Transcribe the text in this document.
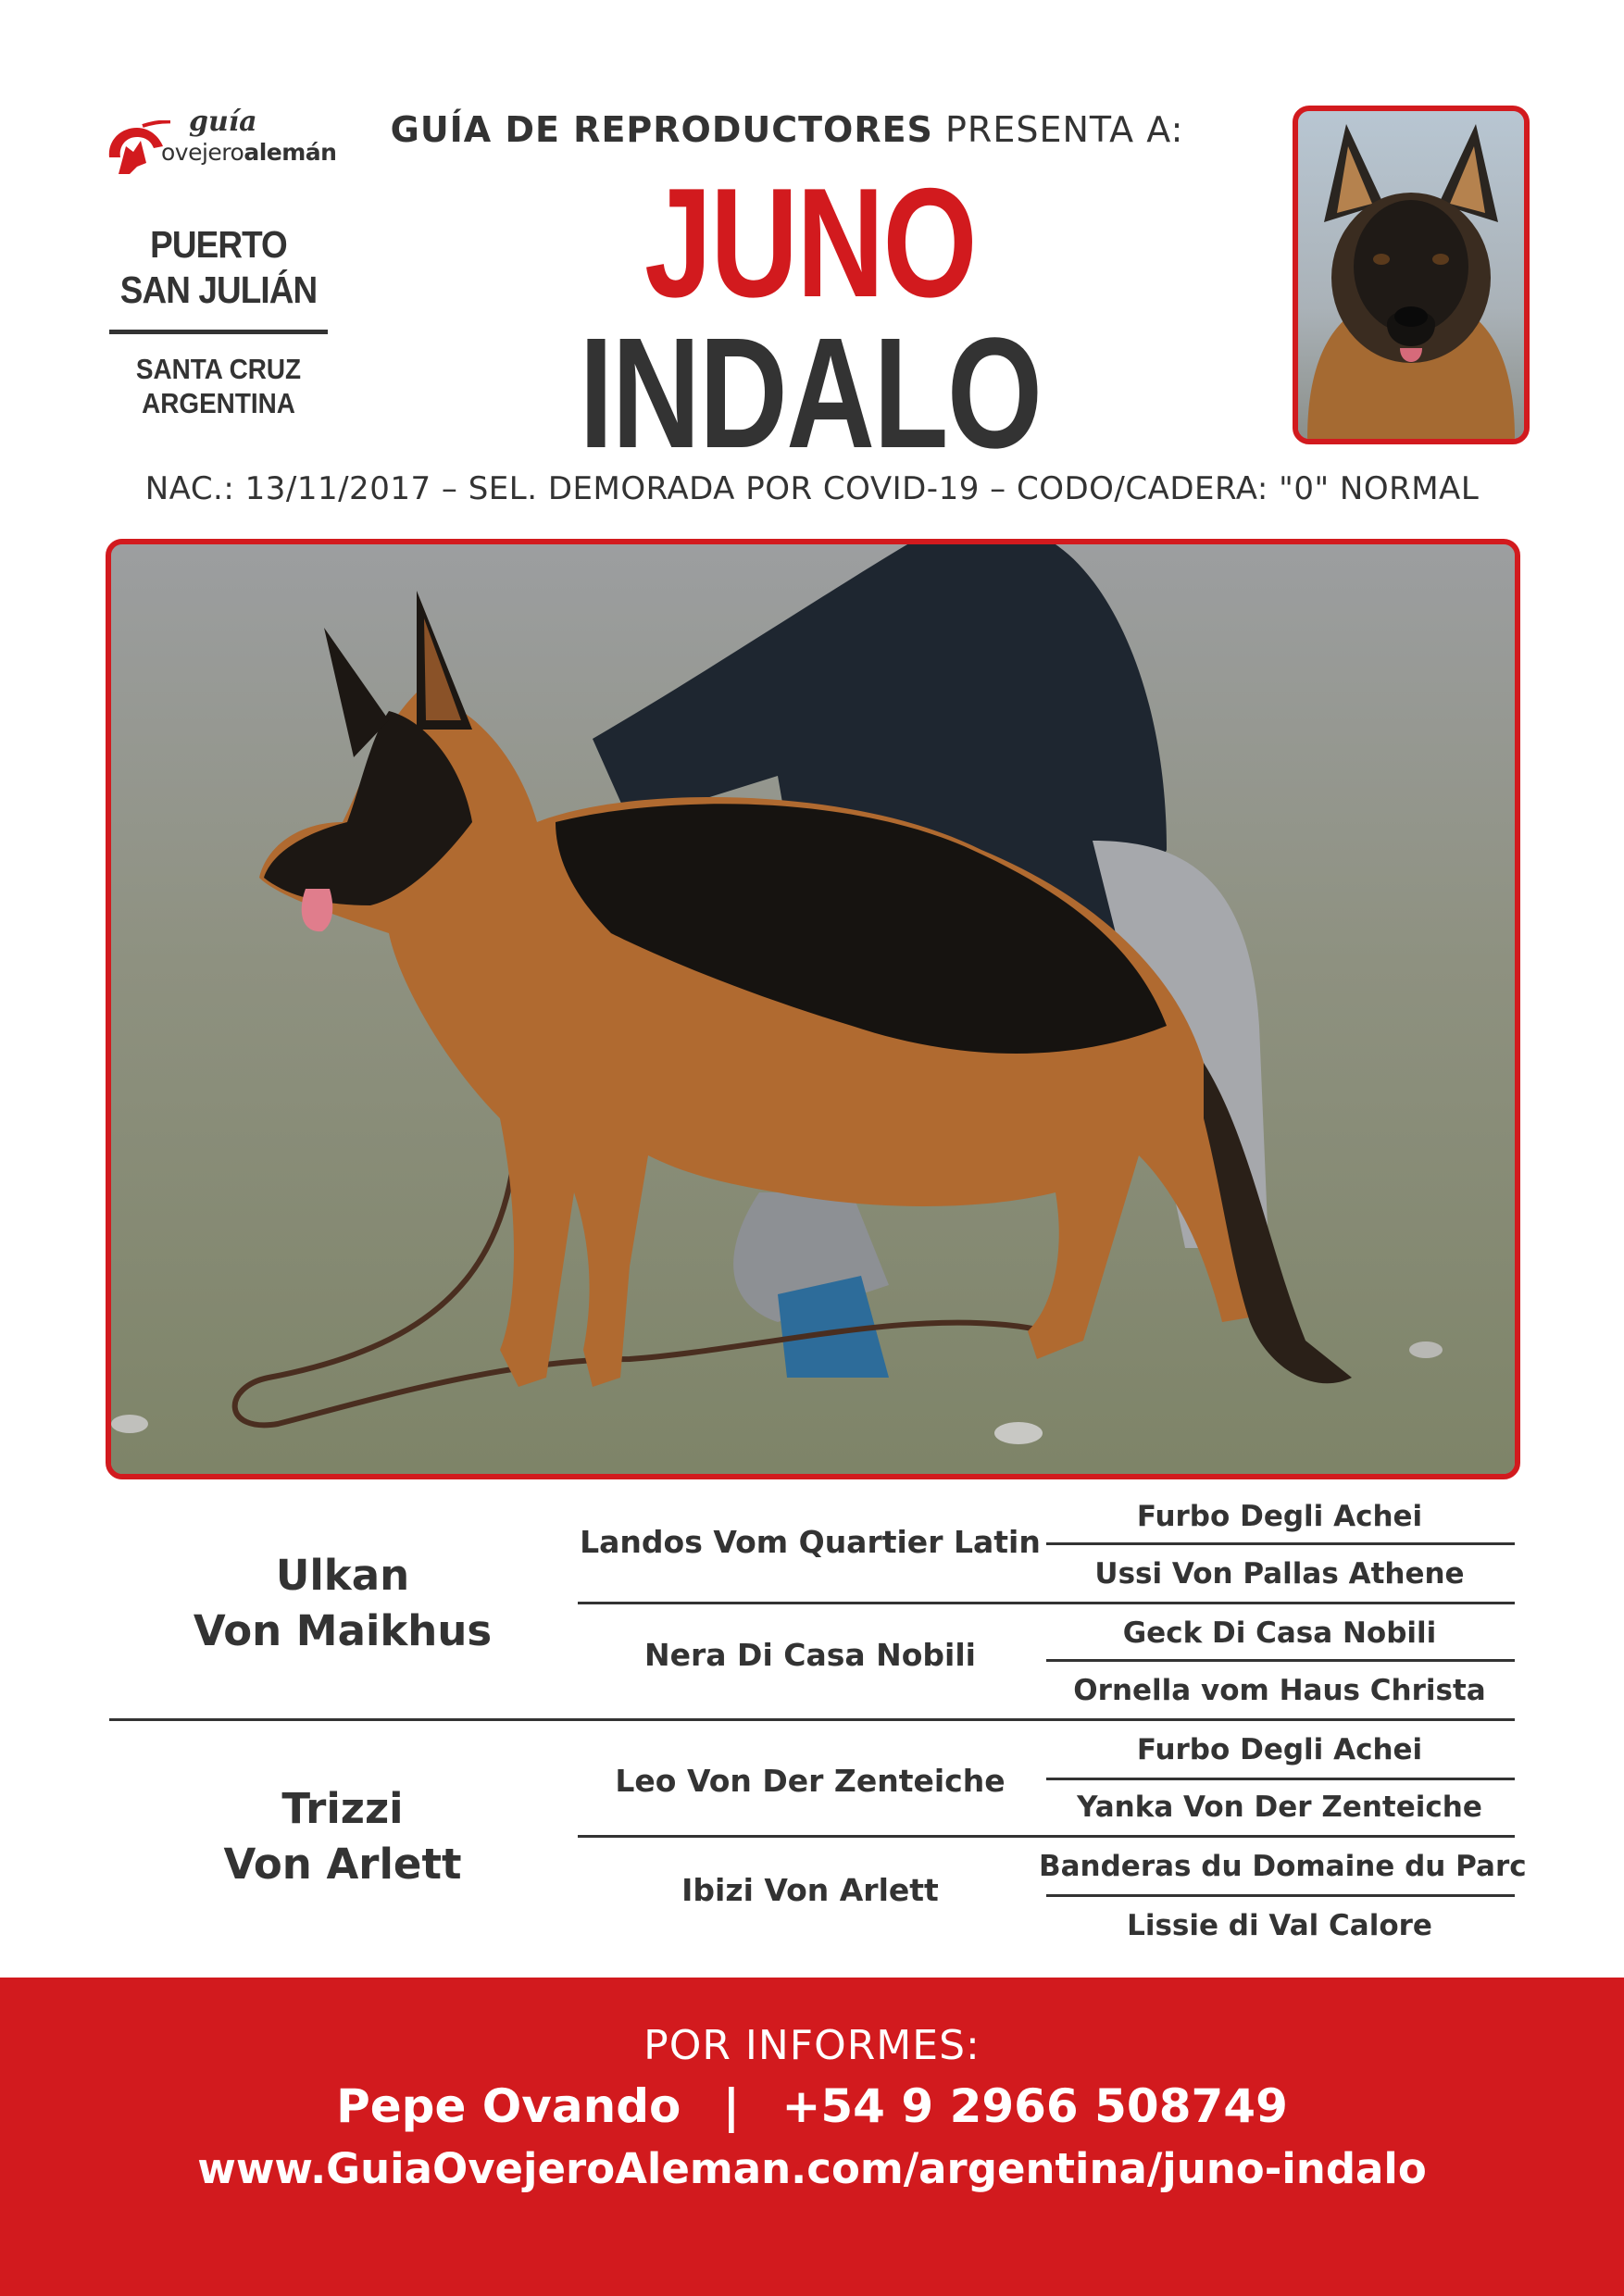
guía
ovejeroalemán
PUERTO SAN JULIÁN
SANTA CRUZ ARGENTINA
GUÍA DE REPRODUCTORES PRESENTA A:
JUNO
INDALO
NAC.: 13/11/2017 – SEL. DEMORADA POR COVID-19 – CODO/CADERA: "0" NORMAL
Ulkan
Von Maikhus
Trizzi
Von Arlett
Landos Vom Quartier Latin
Nera Di Casa Nobili
Leo Von Der Zenteiche
Ibizi Von Arlett
Furbo Degli Achei
Ussi Von Pallas Athene
Geck Di Casa Nobili
Ornella vom Haus Christa
Furbo Degli Achei
Yanka Von Der Zenteiche
Banderas du Domaine du Parc
Lissie di Val Calore
POR INFORMES:
Pepe Ovando | +54 9 2966 508749
www.GuiaOvejeroAleman.com/argentina/juno-indalo
